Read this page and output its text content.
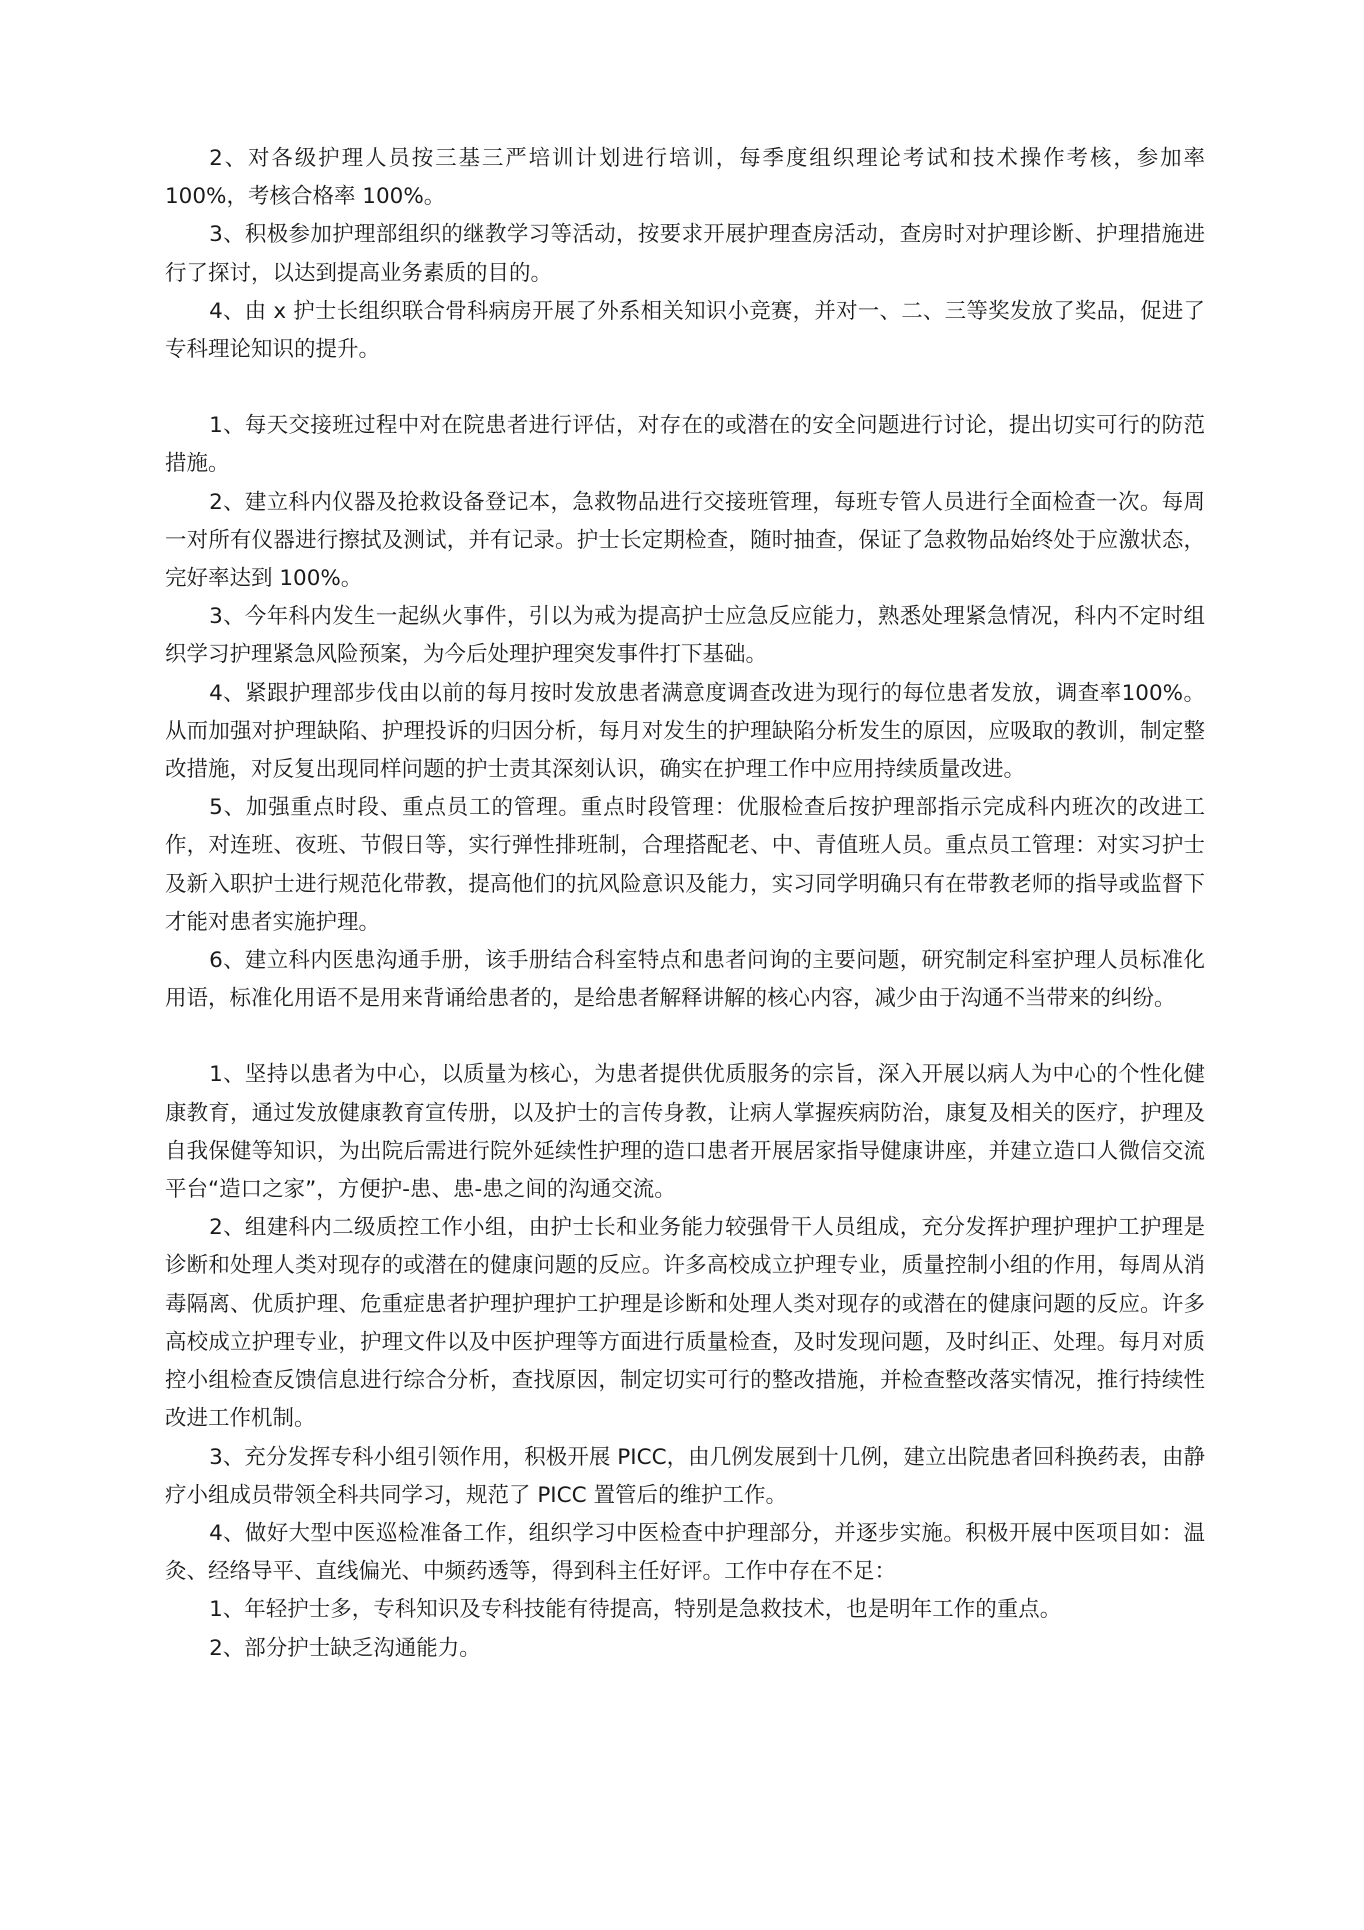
2、对各级护理人员按三基三严培训计划进行培训，每季度组织理论考试和技术操作考核，参加率100%，考核合格率 100%。

3、积极参加护理部组织的继教学习等活动，按要求开展护理查房活动，查房时对护理诊断、护理措施进行了探讨，以达到提高业务素质的目的。

4、由 x 护士长组织联合骨科病房开展了外系相关知识小竞赛，并对一、二、三等奖发放了奖品，促进了专科理论知识的提升。

1、每天交接班过程中对在院患者进行评估，对存在的或潜在的安全问题进行讨论，提出切实可行的防范措施。

2、建立科内仪器及抢救设备登记本，急救物品进行交接班管理，每班专管人员进行全面检查一次。每周一对所有仪器进行擦拭及测试，并有记录。护士长定期检查，随时抽查，保证了急救物品始终处于应激状态，完好率达到 100%。

3、今年科内发生一起纵火事件，引以为戒为提高护士应急反应能力，熟悉处理紧急情况，科内不定时组织学习护理紧急风险预案，为今后处理护理突发事件打下基础。

4、紧跟护理部步伐由以前的每月按时发放患者满意度调查改进为现行的每位患者发放，调查率100%。从而加强对护理缺陷、护理投诉的归因分析，每月对发生的护理缺陷分析发生的原因，应吸取的教训，制定整改措施，对反复出现同样问题的护士责其深刻认识，确实在护理工作中应用持续质量改进。

5、加强重点时段、重点员工的管理。重点时段管理：优服检查后按护理部指示完成科内班次的改进工作，对连班、夜班、节假日等，实行弹性排班制，合理搭配老、中、青值班人员。重点员工管理：对实习护士及新入职护士进行规范化带教，提高他们的抗风险意识及能力，实习同学明确只有在带教老师的指导或监督下才能对患者实施护理。

6、建立科内医患沟通手册，该手册结合科室特点和患者问询的主要问题，研究制定科室护理人员标准化用语，标准化用语不是用来背诵给患者的，是给患者解释讲解的核心内容，减少由于沟通不当带来的纠纷。

1、坚持以患者为中心，以质量为核心，为患者提供优质服务的宗旨，深入开展以病人为中心的个性化健康教育，通过发放健康教育宣传册，以及护士的言传身教，让病人掌握疾病防治，康复及相关的医疗，护理及自我保健等知识，为出院后需进行院外延续性护理的造口患者开展居家指导健康讲座，并建立造口人微信交流平台“造口之家”，方便护-患、患-患之间的沟通交流。

2、组建科内二级质控工作小组，由护士长和业务能力较强骨干人员组成，充分发挥护理护理护工护理是诊断和处理人类对现存的或潜在的健康问题的反应。许多高校成立护理专业，质量控制小组的作用，每周从消毒隔离、优质护理、危重症患者护理护理护工护理是诊断和处理人类对现存的或潜在的健康问题的反应。许多高校成立护理专业，护理文件以及中医护理等方面进行质量检查，及时发现问题，及时纠正、处理。每月对质控小组检查反馈信息进行综合分析，查找原因，制定切实可行的整改措施，并检查整改落实情况，推行持续性改进工作机制。

3、充分发挥专科小组引领作用，积极开展 PICC，由几例发展到十几例，建立出院患者回科换药表，由静疗小组成员带领全科共同学习，规范了 PICC 置管后的维护工作。

4、做好大型中医巡检准备工作，组织学习中医检查中护理部分，并逐步实施。积极开展中医项目如：温灸、经络导平、直线偏光、中频药透等，得到科主任好评。工作中存在不足：

1、年轻护士多，专科知识及专科技能有待提高，特别是急救技术，也是明年工作的重点。

2、部分护士缺乏沟通能力。
